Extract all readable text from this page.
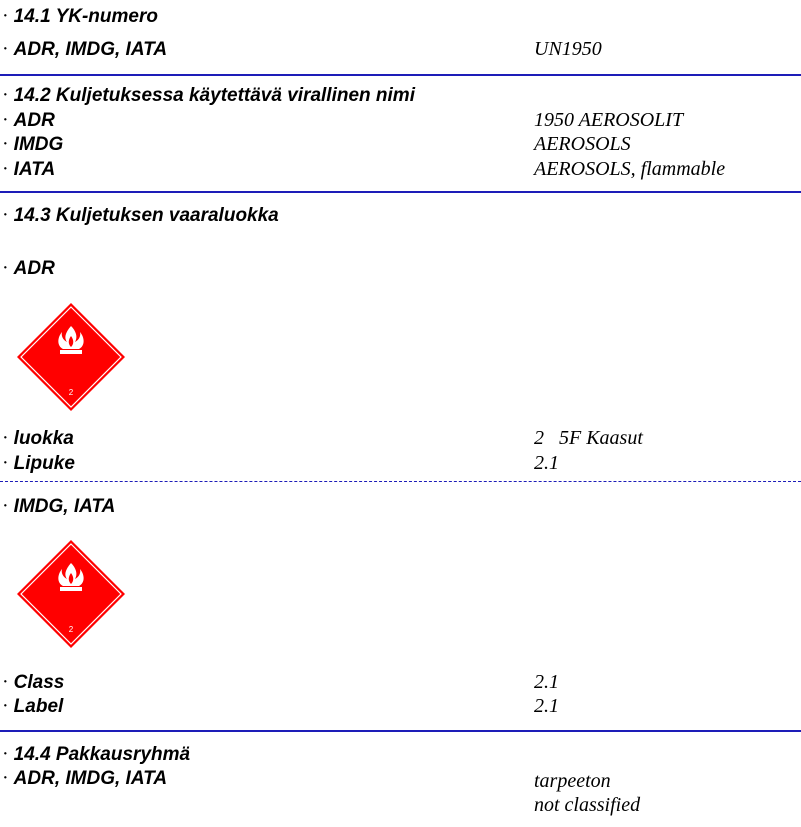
· 14.1 YK-numero
· ADR, IMDG, IATA	UN1950
· 14.2 Kuljetuksessa käytettävä virallinen nimi
· ADR	1950 AEROSOLIT
· IMDG	AEROSOLS
· IATA	AEROSOLS, flammable
· 14.3 Kuljetuksen vaaraluokka
· ADR
2
· luokka	2   5F Kaasut
· Lipuke	2.1
· IMDG, IATA
2
· Class	2.1
· Label	2.1
· 14.4 Pakkausryhmä
· ADR, IMDG, IATA	tarpeeton
not classified
